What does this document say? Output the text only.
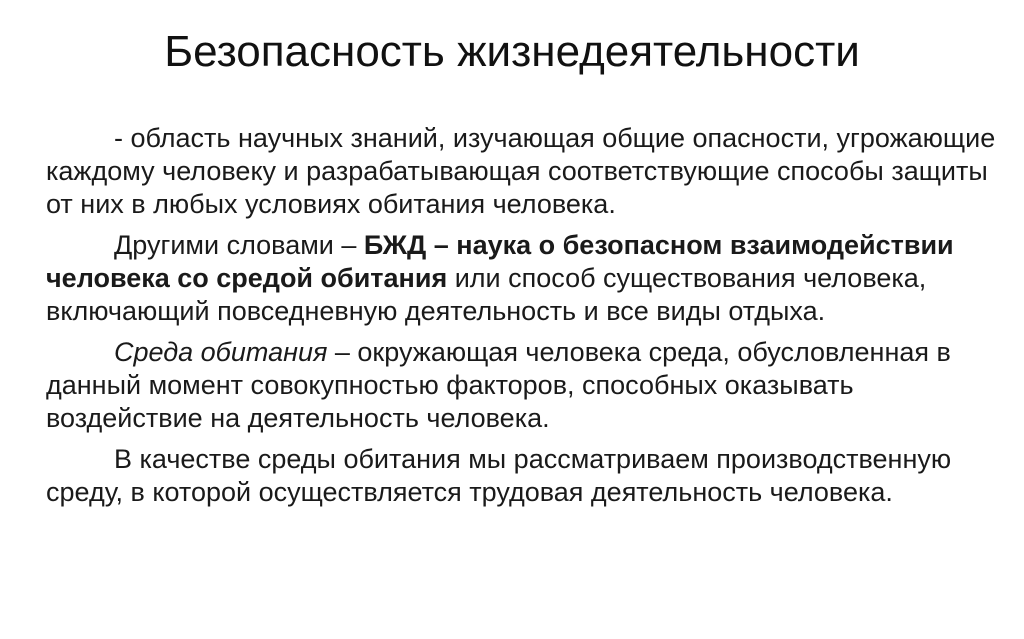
Безопасность жизнедеятельности

- область научных знаний, изучающая общие опасности, угрожающие каждому человеку и разрабатывающая соответствующие способы защиты от них в любых условиях обитания человека.

Другими словами – БЖД – наука о безопасном взаимодействии человека со средой обитания или способ существования человека, включающий повседневную деятельность и все виды отдыха.

Среда обитания – окружающая человека среда, обусловленная в данный момент совокупностью факторов, способных оказывать воздействие на деятельность человека.

В качестве среды обитания мы рассматриваем производственную среду, в которой осуществляется трудовая деятельность человека.
